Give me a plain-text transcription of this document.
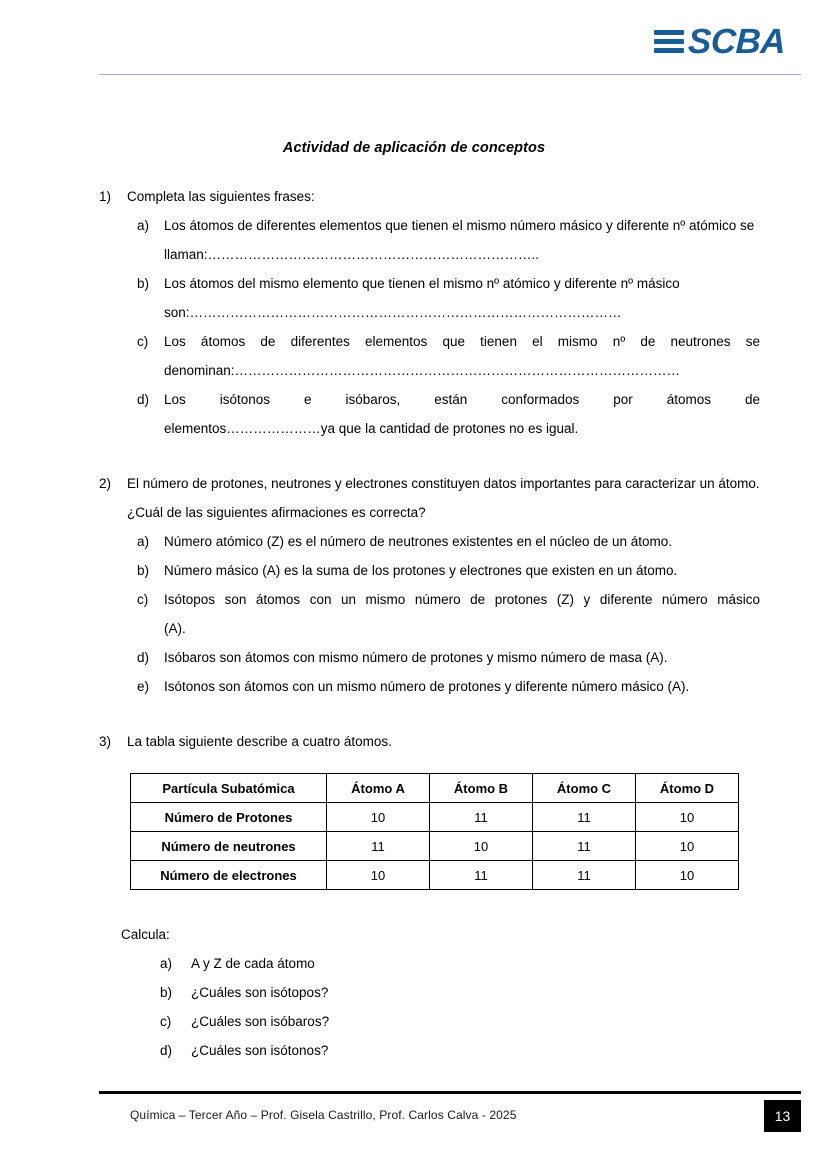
SCBA
Actividad de aplicación de conceptos
1)	Completa las siguientes frases:
a)	Los átomos de diferentes elementos que tienen el mismo número másico y diferente nº atómico se llaman:………………………………………………………………..
b)	Los átomos del mismo elemento que tienen el mismo nº atómico y diferente nº másico son:……………………………………………………………………………………
c)	Los átomos de diferentes elementos que tienen el mismo nº de neutrones se
denominan:………………………………………………………………………………………
d)	Los isótonos e isóbaros, están conformados por átomos de
elementos…………………ya que la cantidad de protones no es igual.
2)	El número de protones, neutrones y electrones constituyen datos importantes para caracterizar un átomo. ¿Cuál de las siguientes afirmaciones es correcta?
a)	Número atómico (Z) es el número de neutrones existentes en el núcleo de un átomo.
b)	Número másico (A) es la suma de los protones y electrones que existen en un átomo.
c)	Isótopos son átomos con un mismo número de protones (Z) y diferente número másico
(A).
d)	Isóbaros son átomos con mismo número de protones y mismo número de masa (A).
e)	Isótonos son átomos con un mismo número de protones y diferente número másico (A).
3)	La tabla siguiente describe a cuatro átomos.
Partícula Subatómica	Átomo A	Átomo B	Átomo C	Átomo D
Número de Protones	10	11	11	10
Número de neutrones	11	10	11	10
Número de electrones	10	11	11	10
Calcula:
a)	A y Z de cada átomo
b)	¿Cuáles son isótopos?
c)	¿Cuáles son isóbaros?
d)	¿Cuáles son isótonos?
Química – Tercer Año – Prof. Gisela Castrillo, Prof. Carlos Calva - 2025	13
